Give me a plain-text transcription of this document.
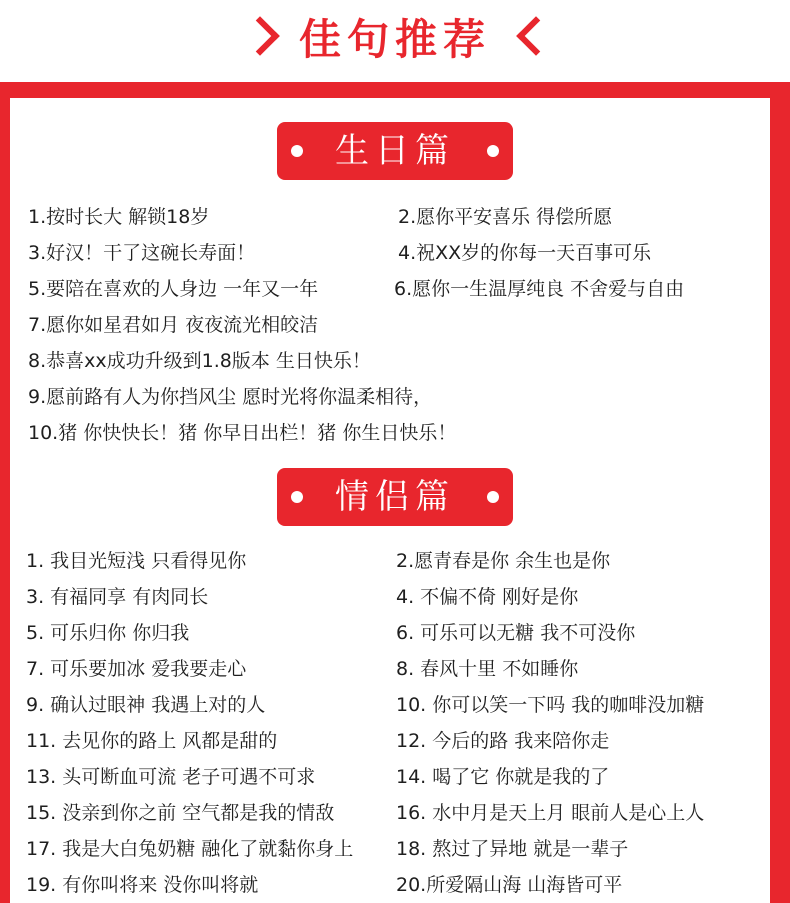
佳句推荐
生日篇
1.按时长大 解锁18岁	2.愿你平安喜乐 得偿所愿
3.好汉！干了这碗长寿面！	4.祝XX岁的你每一天百事可乐
5.要陪在喜欢的人身边 一年又一年	6.愿你一生温厚纯良 不舍爱与自由
7.愿你如星君如月 夜夜流光相皎洁
8.恭喜xx成功升级到1.8版本 生日快乐！
9.愿前路有人为你挡风尘 愿时光将你温柔相待，
10.猪 你快快长！猪 你早日出栏！猪 你生日快乐！
情侣篇
1. 我目光短浅 只看得见你	2.愿青春是你 余生也是你
3. 有福同享 有肉同长	4. 不偏不倚 刚好是你
5. 可乐归你 你归我	6. 可乐可以无糖 我不可没你
7. 可乐要加冰 爱我要走心	8. 春风十里 不如睡你
9. 确认过眼神 我遇上对的人	10. 你可以笑一下吗 我的咖啡没加糖
11. 去见你的路上 风都是甜的	12. 今后的路 我来陪你走
13. 头可断血可流 老子可遇不可求	14. 喝了它 你就是我的了
15. 没亲到你之前 空气都是我的情敌	16. 水中月是天上月 眼前人是心上人
17. 我是大白兔奶糖 融化了就黏你身上 18. 熬过了异地 就是一辈子
19. 有你叫将来 没你叫将就	20.所爱隔山海 山海皆可平
